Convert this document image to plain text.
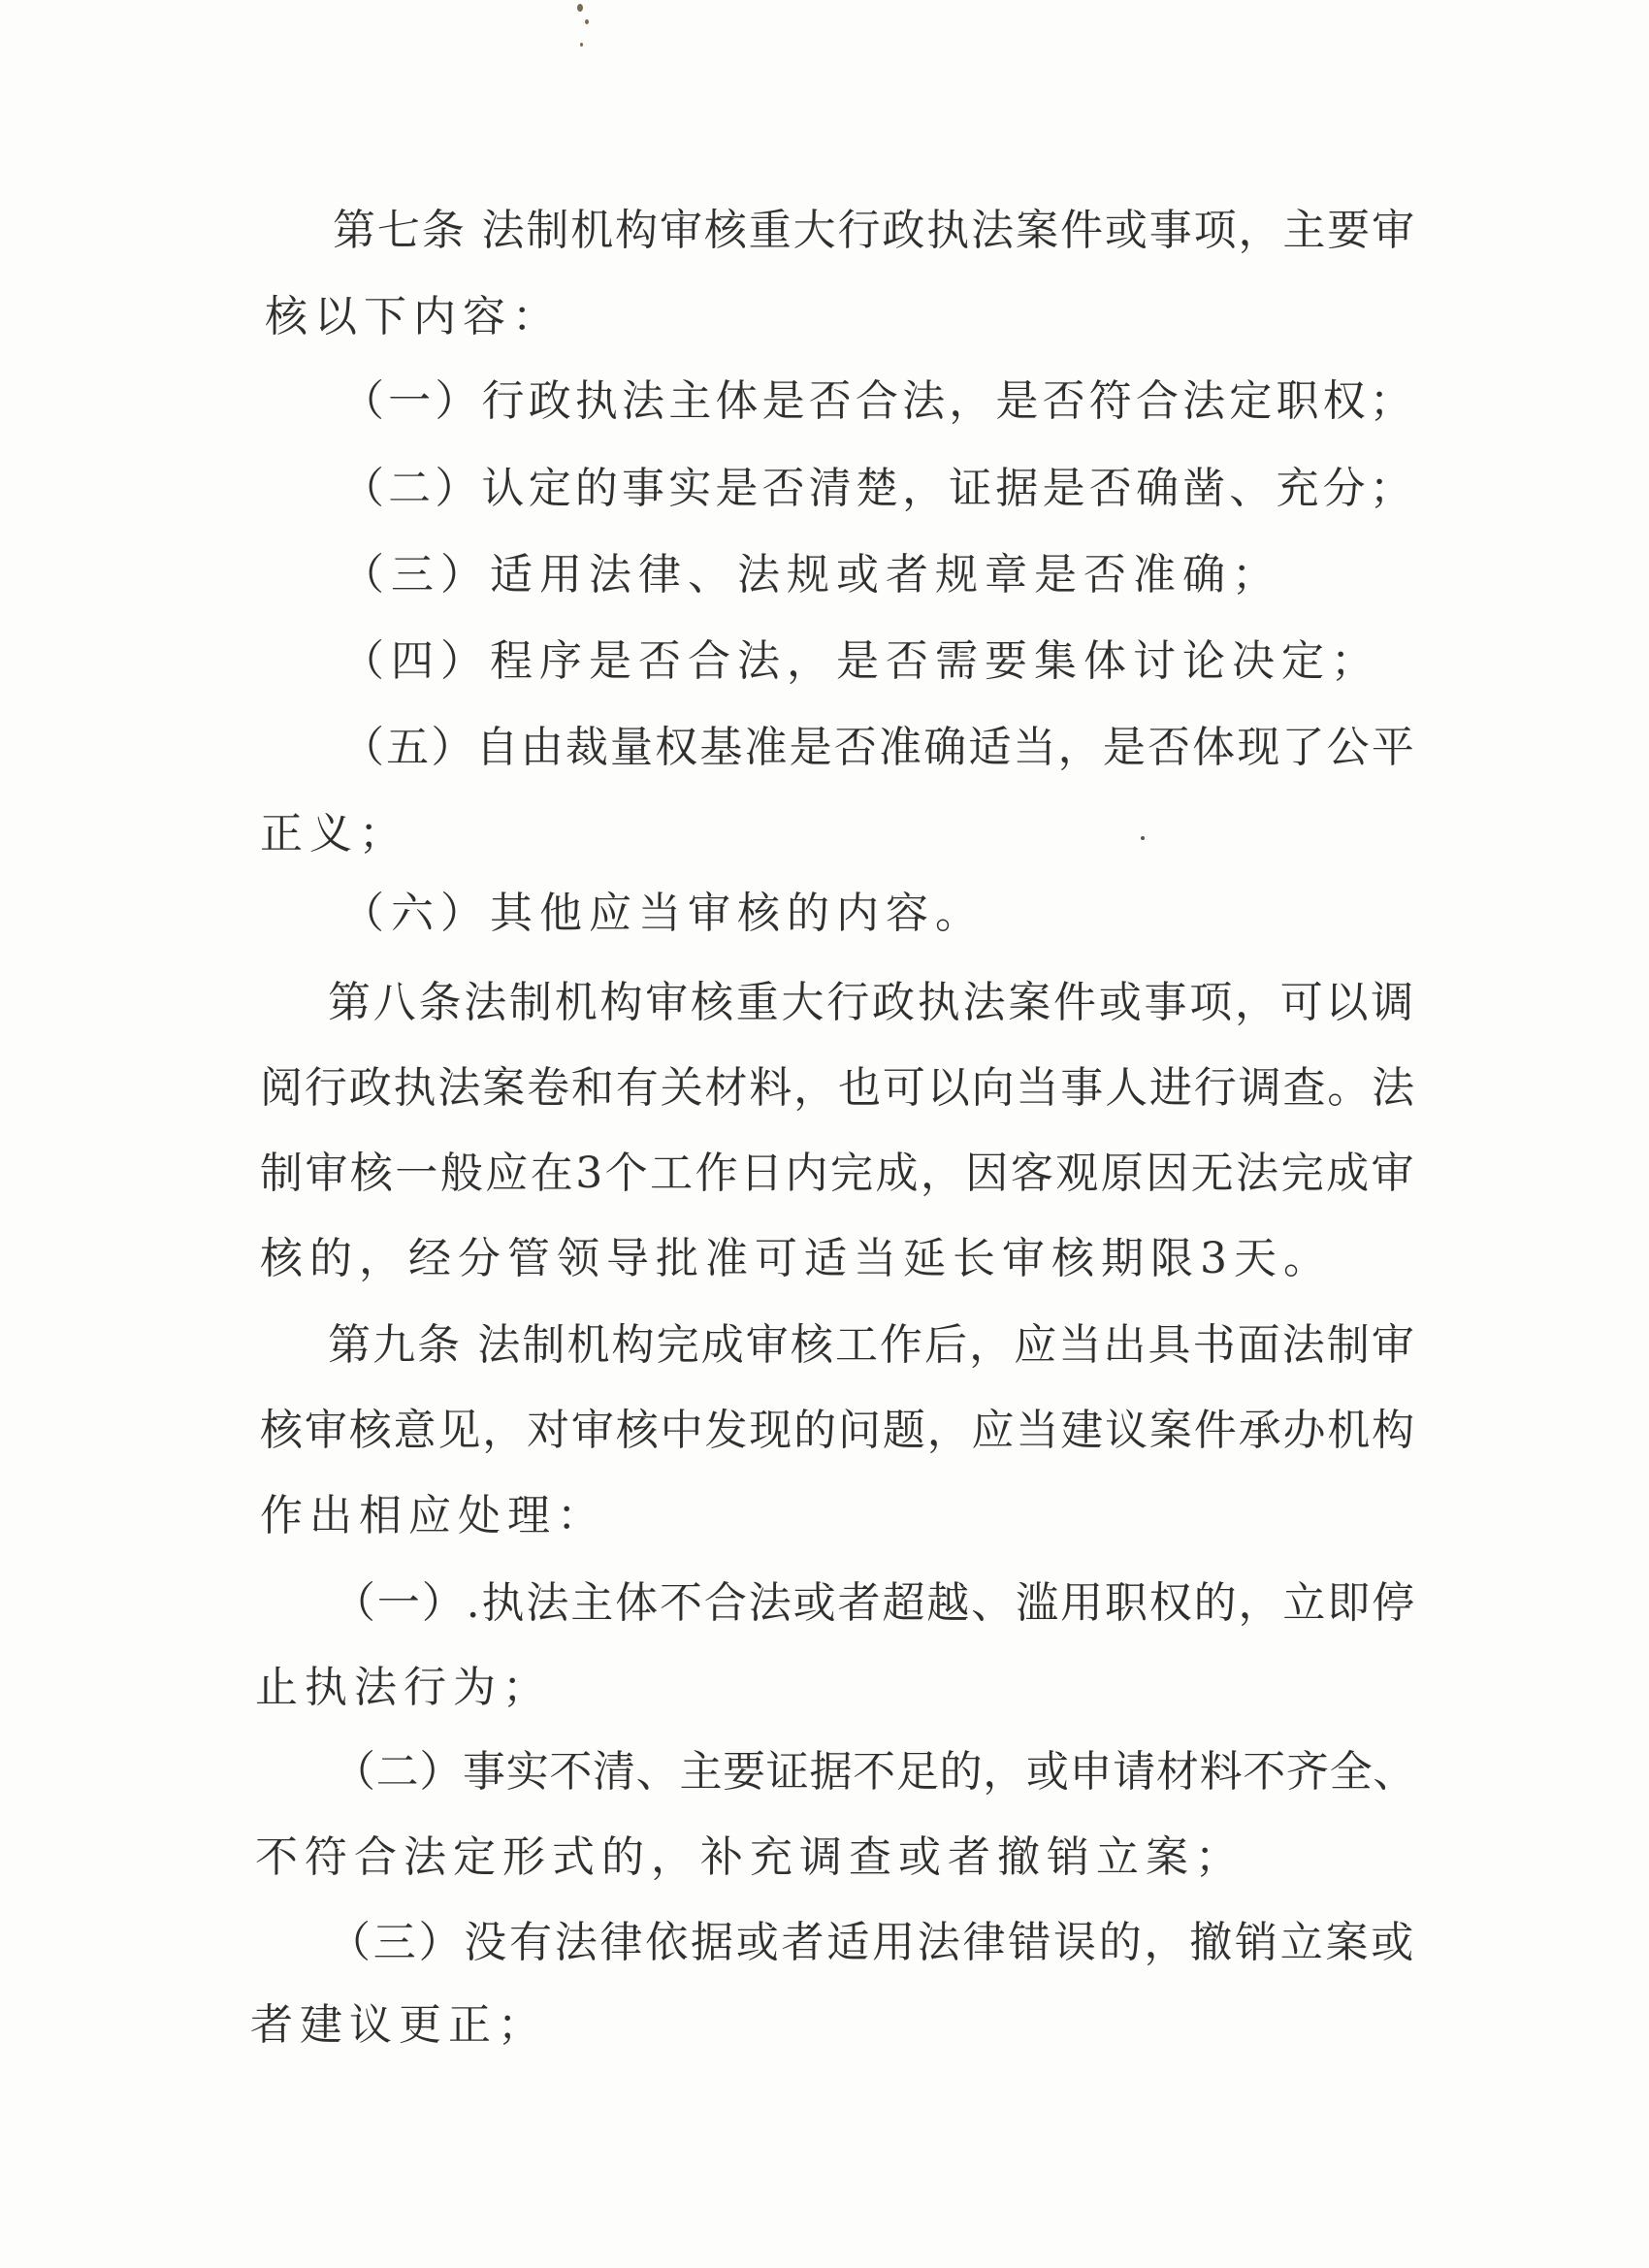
第七条 法制机构审核重大行政执法案件或事项，主要审
核以下内容：
（一）行政执法主体是否合法，是否符合法定职权；
（二）认定的事实是否清楚，证据是否确凿、充分；
（三）适用法律、法规或者规章是否准确；
（四）程序是否合法，是否需要集体讨论决定；
（五）自由裁量权基准是否准确适当，是否体现了公平
正义；
（六）其他应当审核的内容。
第八条法制机构审核重大行政执法案件或事项，可以调
阅行政执法案卷和有关材料，也可以向当事人进行调查。法
制审核一般应在3个工作日内完成，因客观原因无法完成审
核的，经分管领导批准可适当延长审核期限3天。
第九条 法制机构完成审核工作后，应当出具书面法制审
核审核意见，对审核中发现的问题，应当建议案件承办机构
作出相应处理：
（一）.执法主体不合法或者超越、滥用职权的，立即停
止执法行为；
（二）事实不清、主要证据不足的，或申请材料不齐全、
不符合法定形式的，补充调查或者撤销立案；
（三）没有法律依据或者适用法律错误的，撤销立案或
者建议更正；
